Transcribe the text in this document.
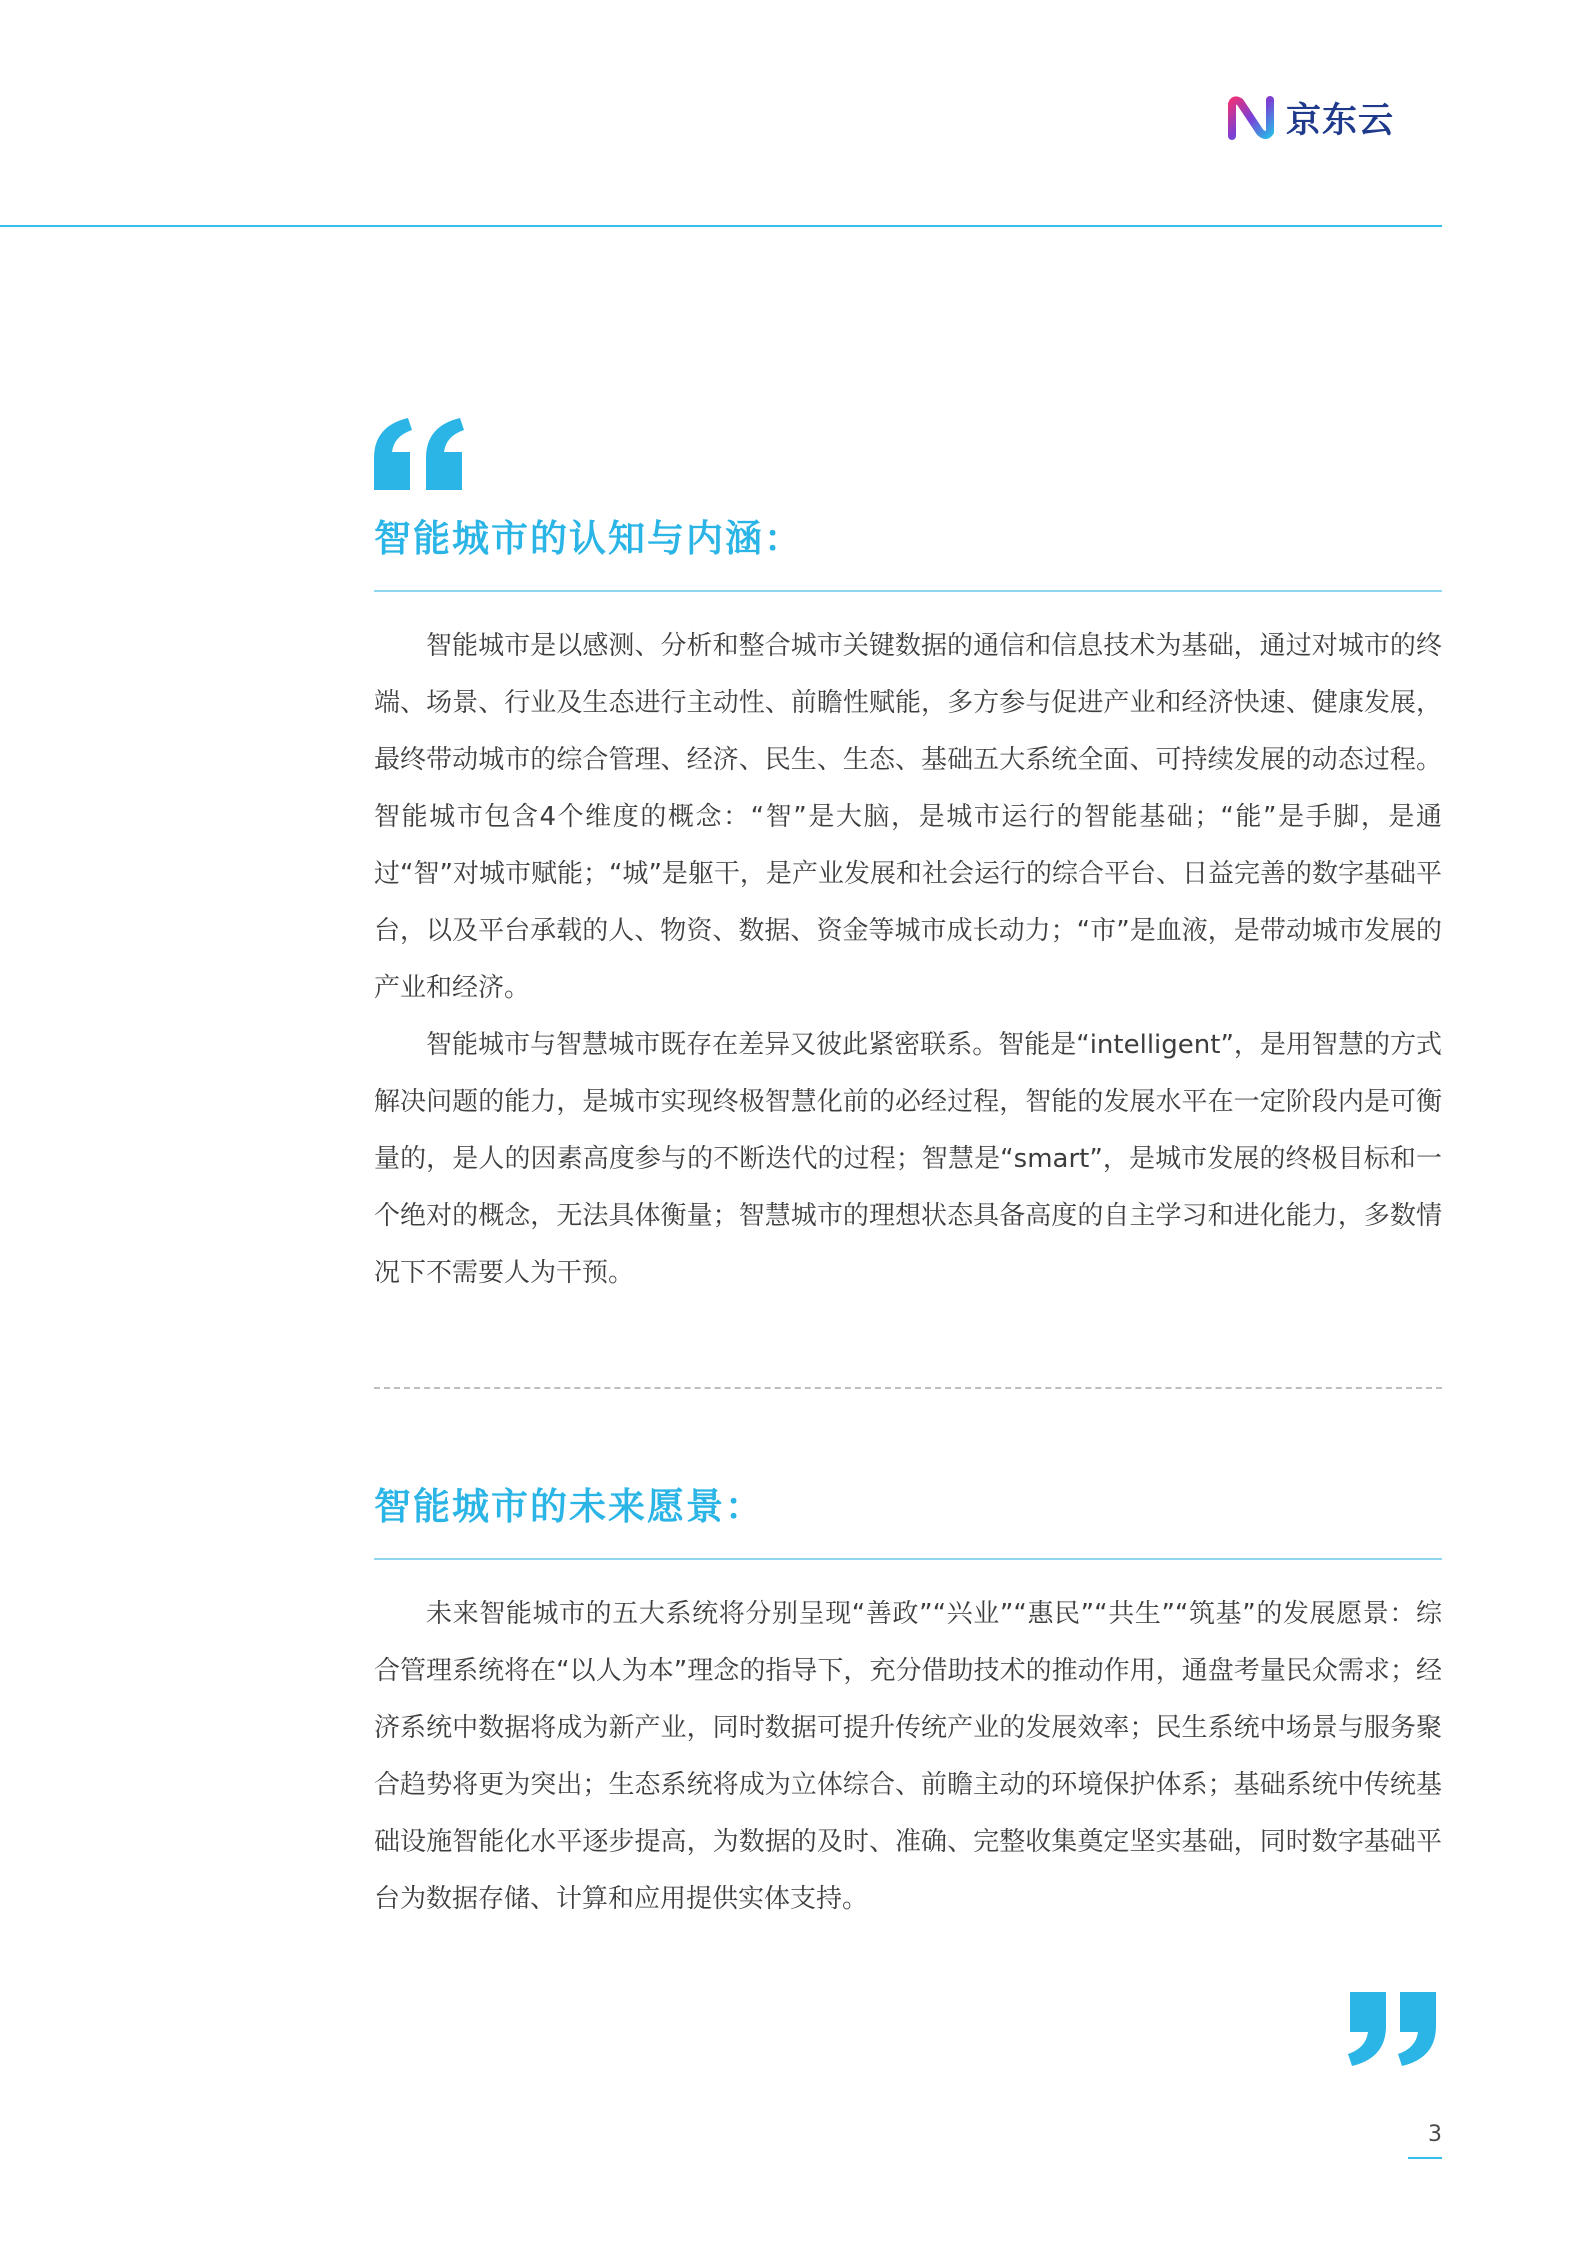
京东云
智能城市的认知与内涵：

智能城市是以感测、分析和整合城市关键数据的通信和信息技术为基础，通过对城市的终端、场景、行业及生态进行主动性、前瞻性赋能，多方参与促进产业和经济快速、健康发展，最终带动城市的综合管理、经济、民生、生态、基础五大系统全面、可持续发展的动态过程。智能城市包含4个维度的概念：“智”是大脑，是城市运行的智能基础；“能”是手脚，是通过“智”对城市赋能；“城”是躯干，是产业发展和社会运行的综合平台、日益完善的数字基础平台，以及平台承载的人、物资、数据、资金等城市成长动力；“市”是血液，是带动城市发展的产业和经济。

智能城市与智慧城市既存在差异又彼此紧密联系。智能是“intelligent”，是用智慧的方式解决问题的能力，是城市实现终极智慧化前的必经过程，智能的发展水平在一定阶段内是可衡量的，是人的因素高度参与的不断迭代的过程；智慧是“smart”，是城市发展的终极目标和一个绝对的概念，无法具体衡量；智慧城市的理想状态具备高度的自主学习和进化能力，多数情况下不需要人为干预。

智能城市的未来愿景：

未来智能城市的五大系统将分别呈现“善政”“兴业”“惠民”“共生”“筑基”的发展愿景：综合管理系统将在“以人为本”理念的指导下，充分借助技术的推动作用，通盘考量民众需求；经济系统中数据将成为新产业，同时数据可提升传统产业的发展效率；民生系统中场景与服务聚合趋势将更为突出；生态系统将成为立体综合、前瞻主动的环境保护体系；基础系统中传统基础设施智能化水平逐步提高，为数据的及时、准确、完整收集奠定坚实基础，同时数字基础平台为数据存储、计算和应用提供实体支持。

3
